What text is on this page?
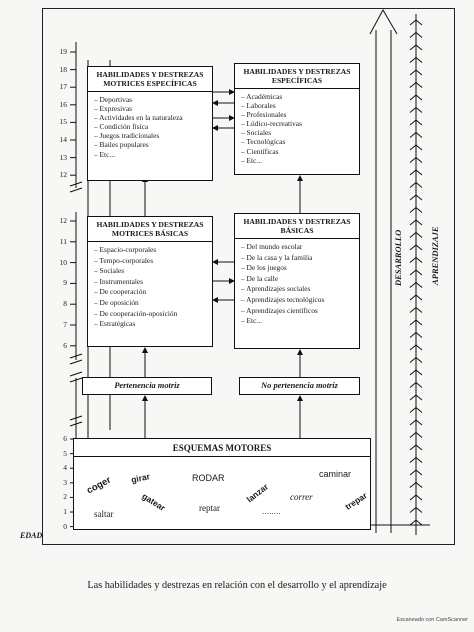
19
18
17
16
15
14
13
12
12
11
10
9
8
7
6
6
5
4
3
2
1
0
EDAD
HABILIDADES Y DESTREZAS MOTRICES ESPECÍFICAS
– Deportivas
– Expresivas
– Actividades en la naturaleza
– Condición física
– Juegos tradicionales
– Bailes populares
– Etc...
HABILIDADES Y DESTREZAS ESPECÍFICAS
– Académicas
– Laborales
– Profesionales
– Lúdico-recreativas
– Sociales
– Tecnológicas
– Científicas
– Etc...
HABILIDADES Y DESTREZAS MOTRICES BÁSICAS
– Espacio-corporales
– Tempo-corporales
– Sociales
– Instrumentales
– De cooperación
– De oposición
– De cooperación-oposición
– Estratégicas
HABILIDADES Y DESTREZAS BÁSICAS
– Del mundo escolar
– De la casa y la familia
– De los juegos
– De la calle
– Aprendizajes sociales
– Aprendizajes tecnológicos
– Aprendizajes científicos
– Etc...
Pertenencia motriz	No pertenencia motriz
ESQUEMAS MOTORES
coger girar	RODAR
lanzar
caminar
gatear	correr	trepar
saltar
reptar	........
DESARROLLO	APRENDIZAJE
Las habilidades y destrezas en relación con el desarrollo y el aprendizaje
Escaneado con CamScanner
